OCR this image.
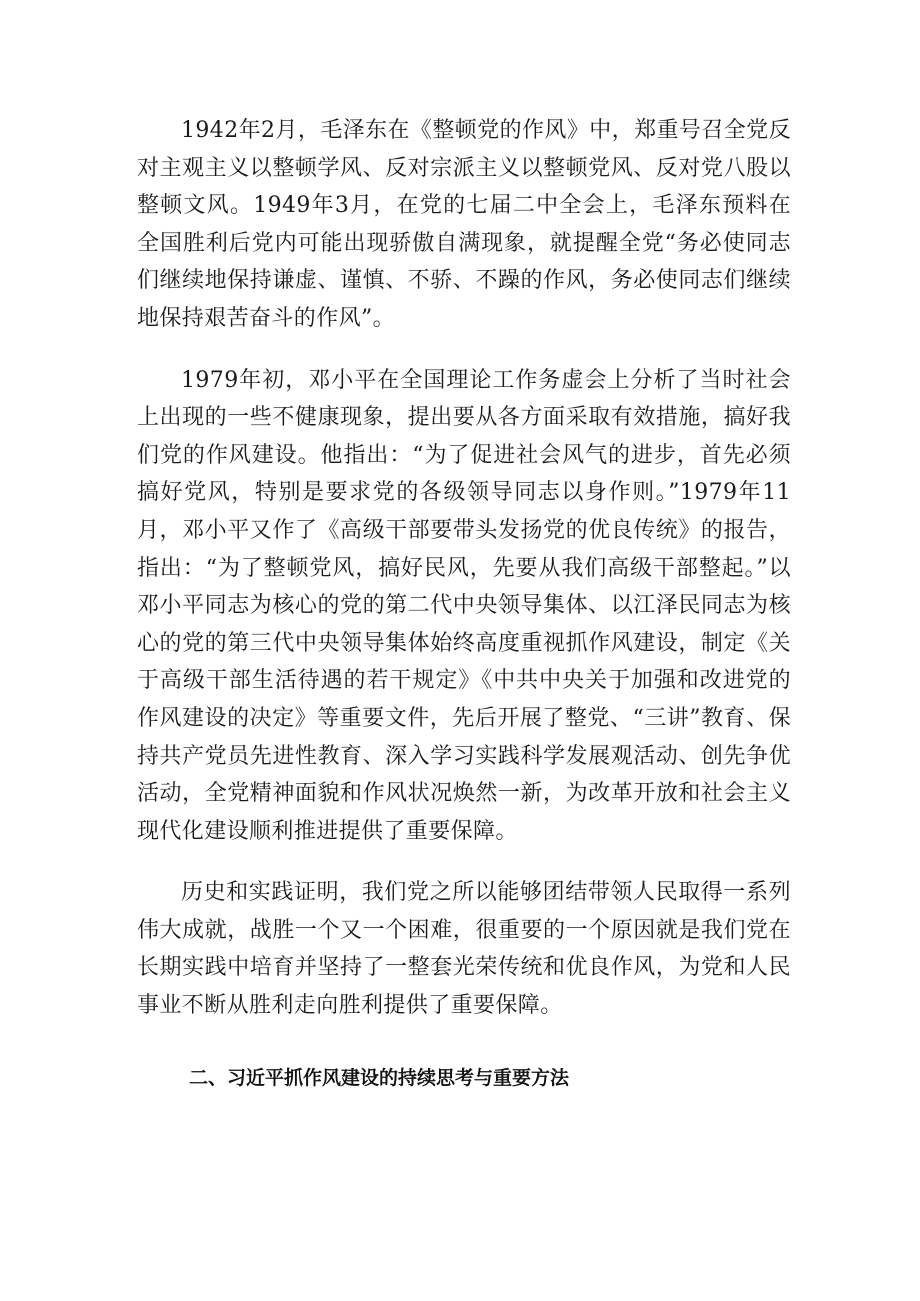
1942年2月，毛泽东在《整顿党的作风》中，郑重号召全党反对主观主义以整顿学风、反对宗派主义以整顿党风、反对党八股以整顿文风。1949年3月，在党的七届二中全会上，毛泽东预料在全国胜利后党内可能出现骄傲自满现象，就提醒全党“务必使同志们继续地保持谦虚、谨慎、不骄、不躁的作风，务必使同志们继续地保持艰苦奋斗的作风”。

1979年初，邓小平在全国理论工作务虚会上分析了当时社会上出现的一些不健康现象，提出要从各方面采取有效措施，搞好我们党的作风建设。他指出：“为了促进社会风气的进步，首先必须搞好党风，特别是要求党的各级领导同志以身作则。”1979年11月，邓小平又作了《高级干部要带头发扬党的优良传统》的报告，指出：“为了整顿党风，搞好民风，先要从我们高级干部整起。”以邓小平同志为核心的党的第二代中央领导集体、以江泽民同志为核心的党的第三代中央领导集体始终高度重视抓作风建设，制定《关于高级干部生活待遇的若干规定》《中共中央关于加强和改进党的作风建设的决定》等重要文件，先后开展了整党、“三讲”教育、保持共产党员先进性教育、深入学习实践科学发展观活动、创先争优活动，全党精神面貌和作风状况焕然一新，为改革开放和社会主义现代化建设顺利推进提供了重要保障。

历史和实践证明，我们党之所以能够团结带领人民取得一系列伟大成就，战胜一个又一个困难，很重要的一个原因就是我们党在长期实践中培育并坚持了一整套光荣传统和优良作风，为党和人民事业不断从胜利走向胜利提供了重要保障。

二、习近平抓作风建设的持续思考与重要方法
